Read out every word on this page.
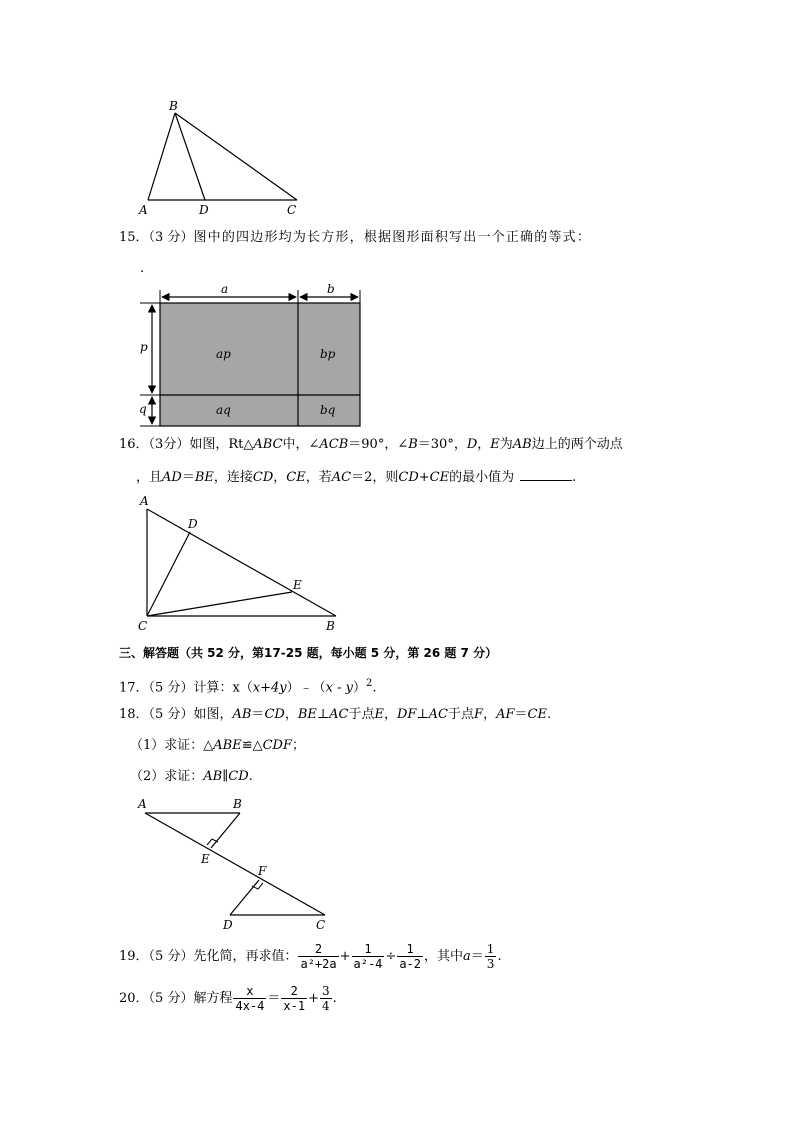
B
A	D	C
15．（3 分）图中的四边形均为长方形，根据图形面积写出一个正确的等式：
.
a	b
p
q
ap	bp
aq	bq
16．（3分）如图，Rt△ABC中，∠ACB＝90°，∠B＝30°，D，E为AB边上的两个动点
，且AD＝BE，连接CD，CE，若AC＝2，则CD+CE的最小值为	.
A
D
E
C	B
三、解答题（共 52 分，第17-25 题，每小题 5 分，第 26 题 7 分）
17．（5 分）计算：x（x+4y）﹣（x - y）$^2$.
18．（5 分）如图，AB＝CD，BE⊥AC于点E，DF⊥AC于点F，AF＝CE.
（1）求证：△ABE≌△CDF；
（2）求证：AB∥CD.
A	B
E
F
D	C
19．（5 分）先化简，再求值： $\frac{2}{\text{a²+2a}} + \frac{1}{\text{a²-4}} \div \frac{1}{a-2}$ ，其中$a= \frac{1}{3}$ .
20．（5 分）解方程 $\frac{x}{4x-4} = \frac{2}{x-1} + \frac{3}{4}$ .
